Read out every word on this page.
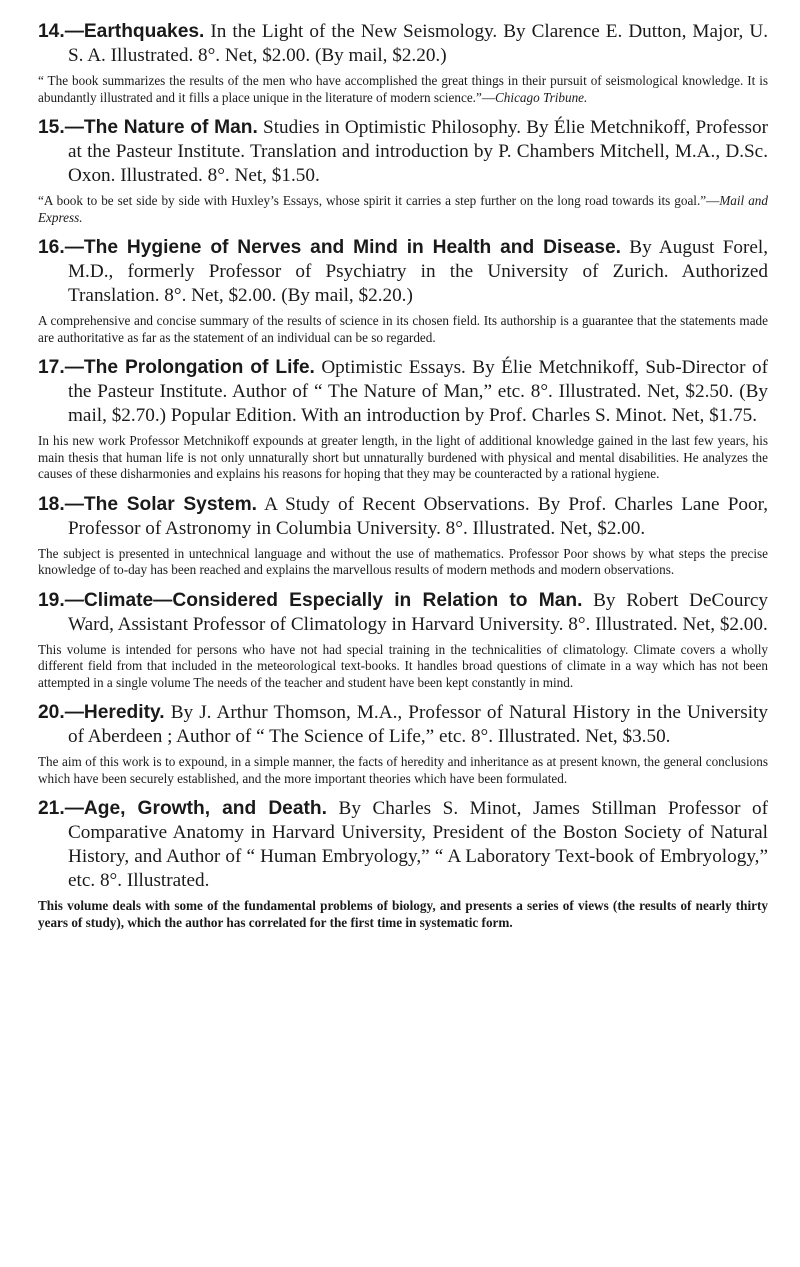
14.—Earthquakes. In the Light of the New Seismology. By Clarence E. Dutton, Major, U. S. A. Illustrated. 8°. Net, $2.00. (By mail, $2.20.)

“ The book summarizes the results of the men who have accomplished the great things in their pursuit of seismological knowledge. It is abundantly illustrated and it fills a place unique in the literature of modern science.”—Chicago Tribune.

15.—The Nature of Man. Studies in Optimistic Philosophy. By Élie Metchnikoff, Professor at the Pasteur Institute. Translation and introduction by P. Chambers Mitchell, M.A., D.Sc. Oxon. Illustrated. 8°. Net, $1.50.

“A book to be set side by side with Huxley’s Essays, whose spirit it carries a step further on the long road towards its goal.”—Mail and Express.

16.—The Hygiene of Nerves and Mind in Health and Disease. By August Forel, M.D., formerly Professor of Psychiatry in the University of Zurich. Authorized Translation. 8°. Net, $2.00. (By mail, $2.20.)

A comprehensive and concise summary of the results of science in its chosen field. Its authorship is a guarantee that the statements made are authoritative as far as the statement of an individual can be so regarded.

17.—The Prolongation of Life. Optimistic Essays. By Élie Metchnikoff, Sub-Director of the Pasteur Institute. Author of “ The Nature of Man,” etc. 8°. Illustrated. Net, $2.50. (By mail, $2.70.) Popular Edition. With an introduction by Prof. Charles S. Minot. Net, $1.75.

In his new work Professor Metchnikoff expounds at greater length, in the light of additional knowledge gained in the last few years, his main thesis that human life is not only unnaturally short but unnaturally burdened with physical and mental disabilities. He analyzes the causes of these disharmonies and explains his reasons for hoping that they may be counteracted by a rational hygiene.

18.—The Solar System. A Study of Recent Observations. By Prof. Charles Lane Poor, Professor of Astronomy in Columbia University. 8°. Illustrated. Net, $2.00.

The subject is presented in untechnical language and without the use of mathematics. Professor Poor shows by what steps the precise knowledge of to-day has been reached and explains the marvellous results of modern methods and modern observations.

19.—Climate—Considered Especially in Relation to Man. By Robert DeCourcy Ward, Assistant Professor of Climatology in Harvard University. 8°. Illustrated. Net, $2.00.

This volume is intended for persons who have not had special training in the technicalities of climatology. Climate covers a wholly different field from that included in the meteorological text-books. It handles broad questions of climate in a way which has not been attempted in a single volume The needs of the teacher and student have been kept constantly in mind.

20.—Heredity. By J. Arthur Thomson, M.A., Professor of Natural History in the University of Aberdeen ; Author of “ The Science of Life,” etc. 8°. Illustrated. Net, $3.50.

The aim of this work is to expound, in a simple manner, the facts of heredity and inheritance as at present known, the general conclusions which have been securely established, and the more important theories which have been formulated.

21.—Age, Growth, and Death. By Charles S. Minot, James Stillman Professor of Comparative Anatomy in Harvard University, President of the Boston Society of Natural History, and Author of “ Human Embryology,” “ A Laboratory Text-book of Embryology,” etc. 8°. Illustrated.

This volume deals with some of the fundamental problems of biology, and presents a series of views (the results of nearly thirty years of study), which the author has correlated for the first time in systematic form.
